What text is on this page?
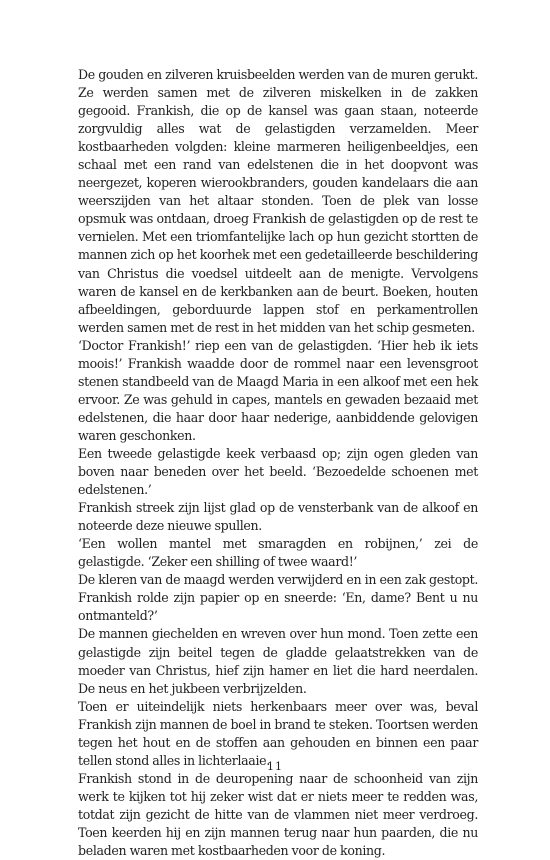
De gouden en zilveren kruisbeelden werden van de muren gerukt. Ze werden samen met de zilveren miskelken in de zakken gegooid. Frankish, die op de kansel was gaan staan, noteerde zorgvuldig alles wat de gelastigden verzamelden. Meer kostbaarheden volgden: kleine marmeren heiligenbeeldjes, een schaal met een rand van edelstenen die in het doopvont was neergezet, koperen wierookbranders, gouden kandelaars die aan weerszijden van het altaar stonden. Toen de plek van losse opsmuk was ontdaan, droeg Frankish de gelastigden op de rest te vernielen. Met een triomfantelijke lach op hun gezicht stortten de mannen zich op het koorhek met een gedetailleerde beschildering van Christus die voedsel uitdeelt aan de menigte. Vervolgens waren de kansel en de kerkbanken aan de beurt. Boeken, houten afbeeldingen, geborduurde lappen stof en perkamentrollen werden samen met de rest in het midden van het schip gesmeten.

‘Doctor Frankish!’ riep een van de gelastigden. ‘Hier heb ik iets moois!’ Frankish waadde door de rommel naar een levensgroot stenen standbeeld van de Maagd Maria in een alkoof met een hek ervoor. Ze was gehuld in capes, mantels en gewaden bezaaid met edelstenen, die haar door haar nederige, aanbiddende gelovigen waren geschonken.

Een tweede gelastigde keek verbaasd op; zijn ogen gleden van boven naar beneden over het beeld. ‘Bezoedelde schoenen met edelstenen.’

Frankish streek zijn lijst glad op de vensterbank van de alkoof en noteerde deze nieuwe spullen.

‘Een wollen mantel met smaragden en robijnen,’ zei de gelastigde. ‘Zeker een shilling of twee waard!’

De kleren van de maagd werden verwijderd en in een zak gestopt. Frankish rolde zijn papier op en sneerde: ‘En, dame? Bent u nu ontmanteld?’

De mannen giechelden en wreven over hun mond. Toen zette een gelastigde zijn beitel tegen de gladde gelaatstrekken van de moeder van Christus, hief zijn hamer en liet die hard neerdalen. De neus en het jukbeen verbrijzelden.

Toen er uiteindelijk niets herkenbaars meer over was, beval Frankish zijn mannen de boel in brand te steken. Toortsen werden tegen het hout en de stoffen aan gehouden en binnen een paar tellen stond alles in lichterlaaie.

Frankish stond in de deuropening naar de schoonheid van zijn werk te kijken tot hij zeker wist dat er niets meer te redden was, totdat zijn gezicht de hitte van de vlammen niet meer verdroeg. Toen keerden hij en zijn mannen terug naar hun paarden, die nu beladen waren met kostbaarheden voor de koning.

11
